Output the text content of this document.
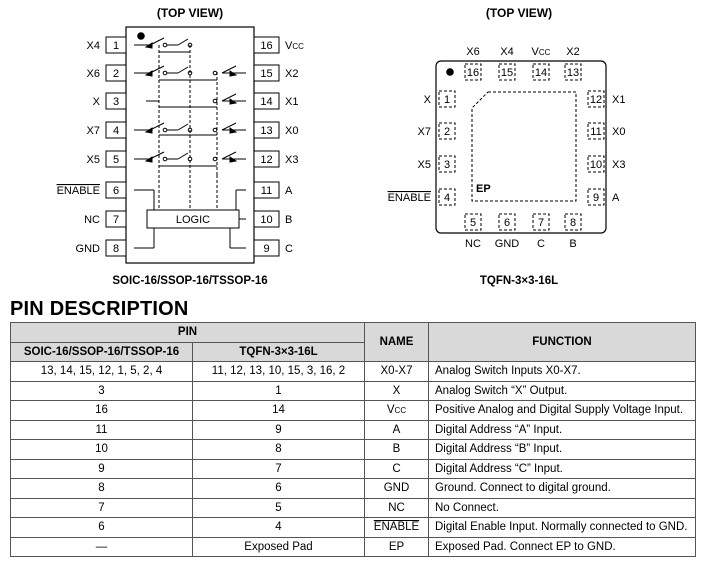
(TOP VIEW)
1
X4
2
X6
3
X
4
X7
5
X5
6
ENABLE
7
NC
8
GND
16 VCC
15 X2
14 X1
13 X0
12 X3
11 A
10 B
9 C
LOGIC
SOIC-16/SSOP-16/TSSOP-16
(TOP VIEW)
EP
16
X6
15
X4
14
VCC
13
X2
5
NC
6
GND
7
C
8
B
1
X
2
X7
3
X5
4
ENABLE
12 X1
11 X0
10 X3
9 A
TQFN-3×3-16L
PIN DESCRIPTION
PIN		NAME	FUNCTION
SOIC-16/SSOP-16/TSSOP-16	TQFN-3×3-16L		
13, 14, 15, 12, 1, 5, 2, 4	11, 12, 13, 10, 15, 3, 16, 2	X0-X7	Analog Switch Inputs X0-X7.
3	1	X	Analog Switch “X” Output.
16	14	VCC	Positive Analog and Digital Supply Voltage Input.
11	9	A	Digital Address “A” Input.
10	8	B	Digital Address “B” Input.
9	7	C	Digital Address “C” Input.
8	6	GND	Ground. Connect to digital ground.
7	5	NC	No Connect.
6	4	ENABLE	Digital Enable Input. Normally connected to GND.
—	Exposed Pad	EP	Exposed Pad. Connect EP to GND.
